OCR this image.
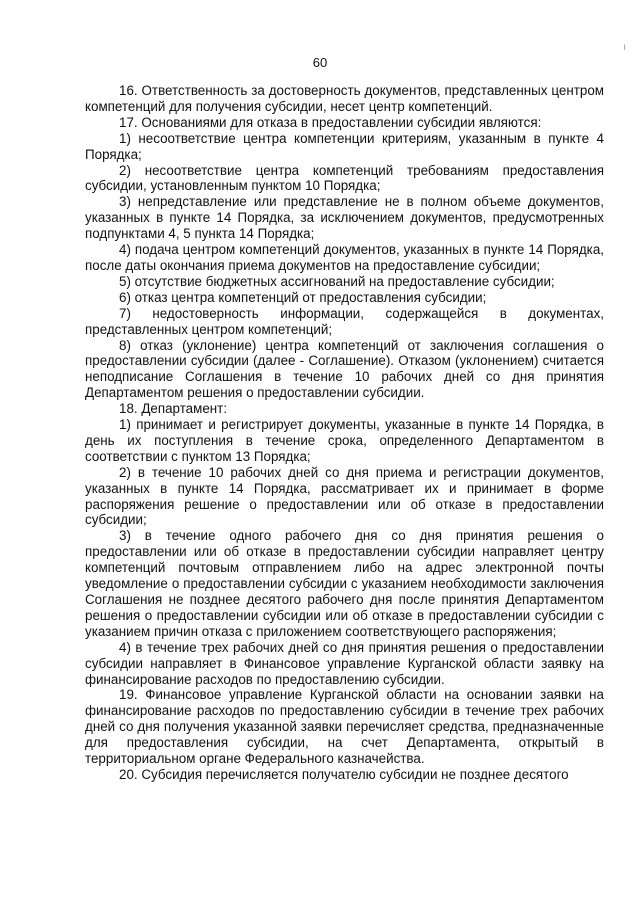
ı
60

16. Ответственность за достоверность документов, представленных центром компетенций для получения субсидии, несет центр компетенций.

17. Основаниями для отказа в предоставлении субсидии являются:

1) несоответствие центра компетенции критериям, указанным в пункте 4 Порядка;

2) несоответствие центра компетенций требованиям предоставления субсидии, установленным пунктом 10 Порядка;

3) непредставление или представление не в полном объеме документов, указанных в пункте 14 Порядка, за исключением документов, предусмотренных подпунктами 4, 5 пункта 14 Порядка;

4) подача центром компетенций документов, указанных в пункте 14 Порядка, после даты окончания приема документов на предоставление субсидии;

5) отсутствие бюджетных ассигнований на предоставление субсидии;

6) отказ центра компетенций от предоставления субсидии;

7) недостоверность информации, содержащейся в документах, представленных центром компетенций;

8) отказ (уклонение) центра компетенций от заключения соглашения о предоставлении субсидии (далее - Соглашение). Отказом (уклонением) считается неподписание Соглашения в течение 10 рабочих дней со дня принятия Департаментом решения о предоставлении субсидии.

18. Департамент:

1) принимает и регистрирует документы, указанные в пункте 14 Порядка, в день их поступления в течение срока, определенного Департаментом в соответствии с пунктом 13 Порядка;

2) в течение 10 рабочих дней со дня приема и регистрации документов, указанных в пункте 14 Порядка, рассматривает их и принимает в форме распоряжения решение о предоставлении или об отказе в предоставлении субсидии;

3) в течение одного рабочего дня со дня принятия решения о предоставлении или об отказе в предоставлении субсидии направляет центру компетенций почтовым отправлением либо на адрес электронной почты уведомление о предоставлении субсидии с указанием необходимости заключения Соглашения не позднее десятого рабочего дня после принятия Департаментом решения о предоставлении субсидии или об отказе в предоставлении субсидии с указанием причин отказа с приложением соответствующего распоряжения;

4) в течение трех рабочих дней со дня принятия решения о предоставлении субсидии направляет в Финансовое управление Курганской области заявку на финансирование расходов по предоставлению субсидии.

19. Финансовое управление Курганской области на основании заявки на финансирование расходов по предоставлению субсидии в течение трех рабочих дней со дня получения указанной заявки перечисляет средства, предназначенные для предоставления субсидии, на счет Департамента, открытый в территориальном органе Федерального казначейства.

20. Субсидия перечисляется получателю субсидии не позднее десятого
